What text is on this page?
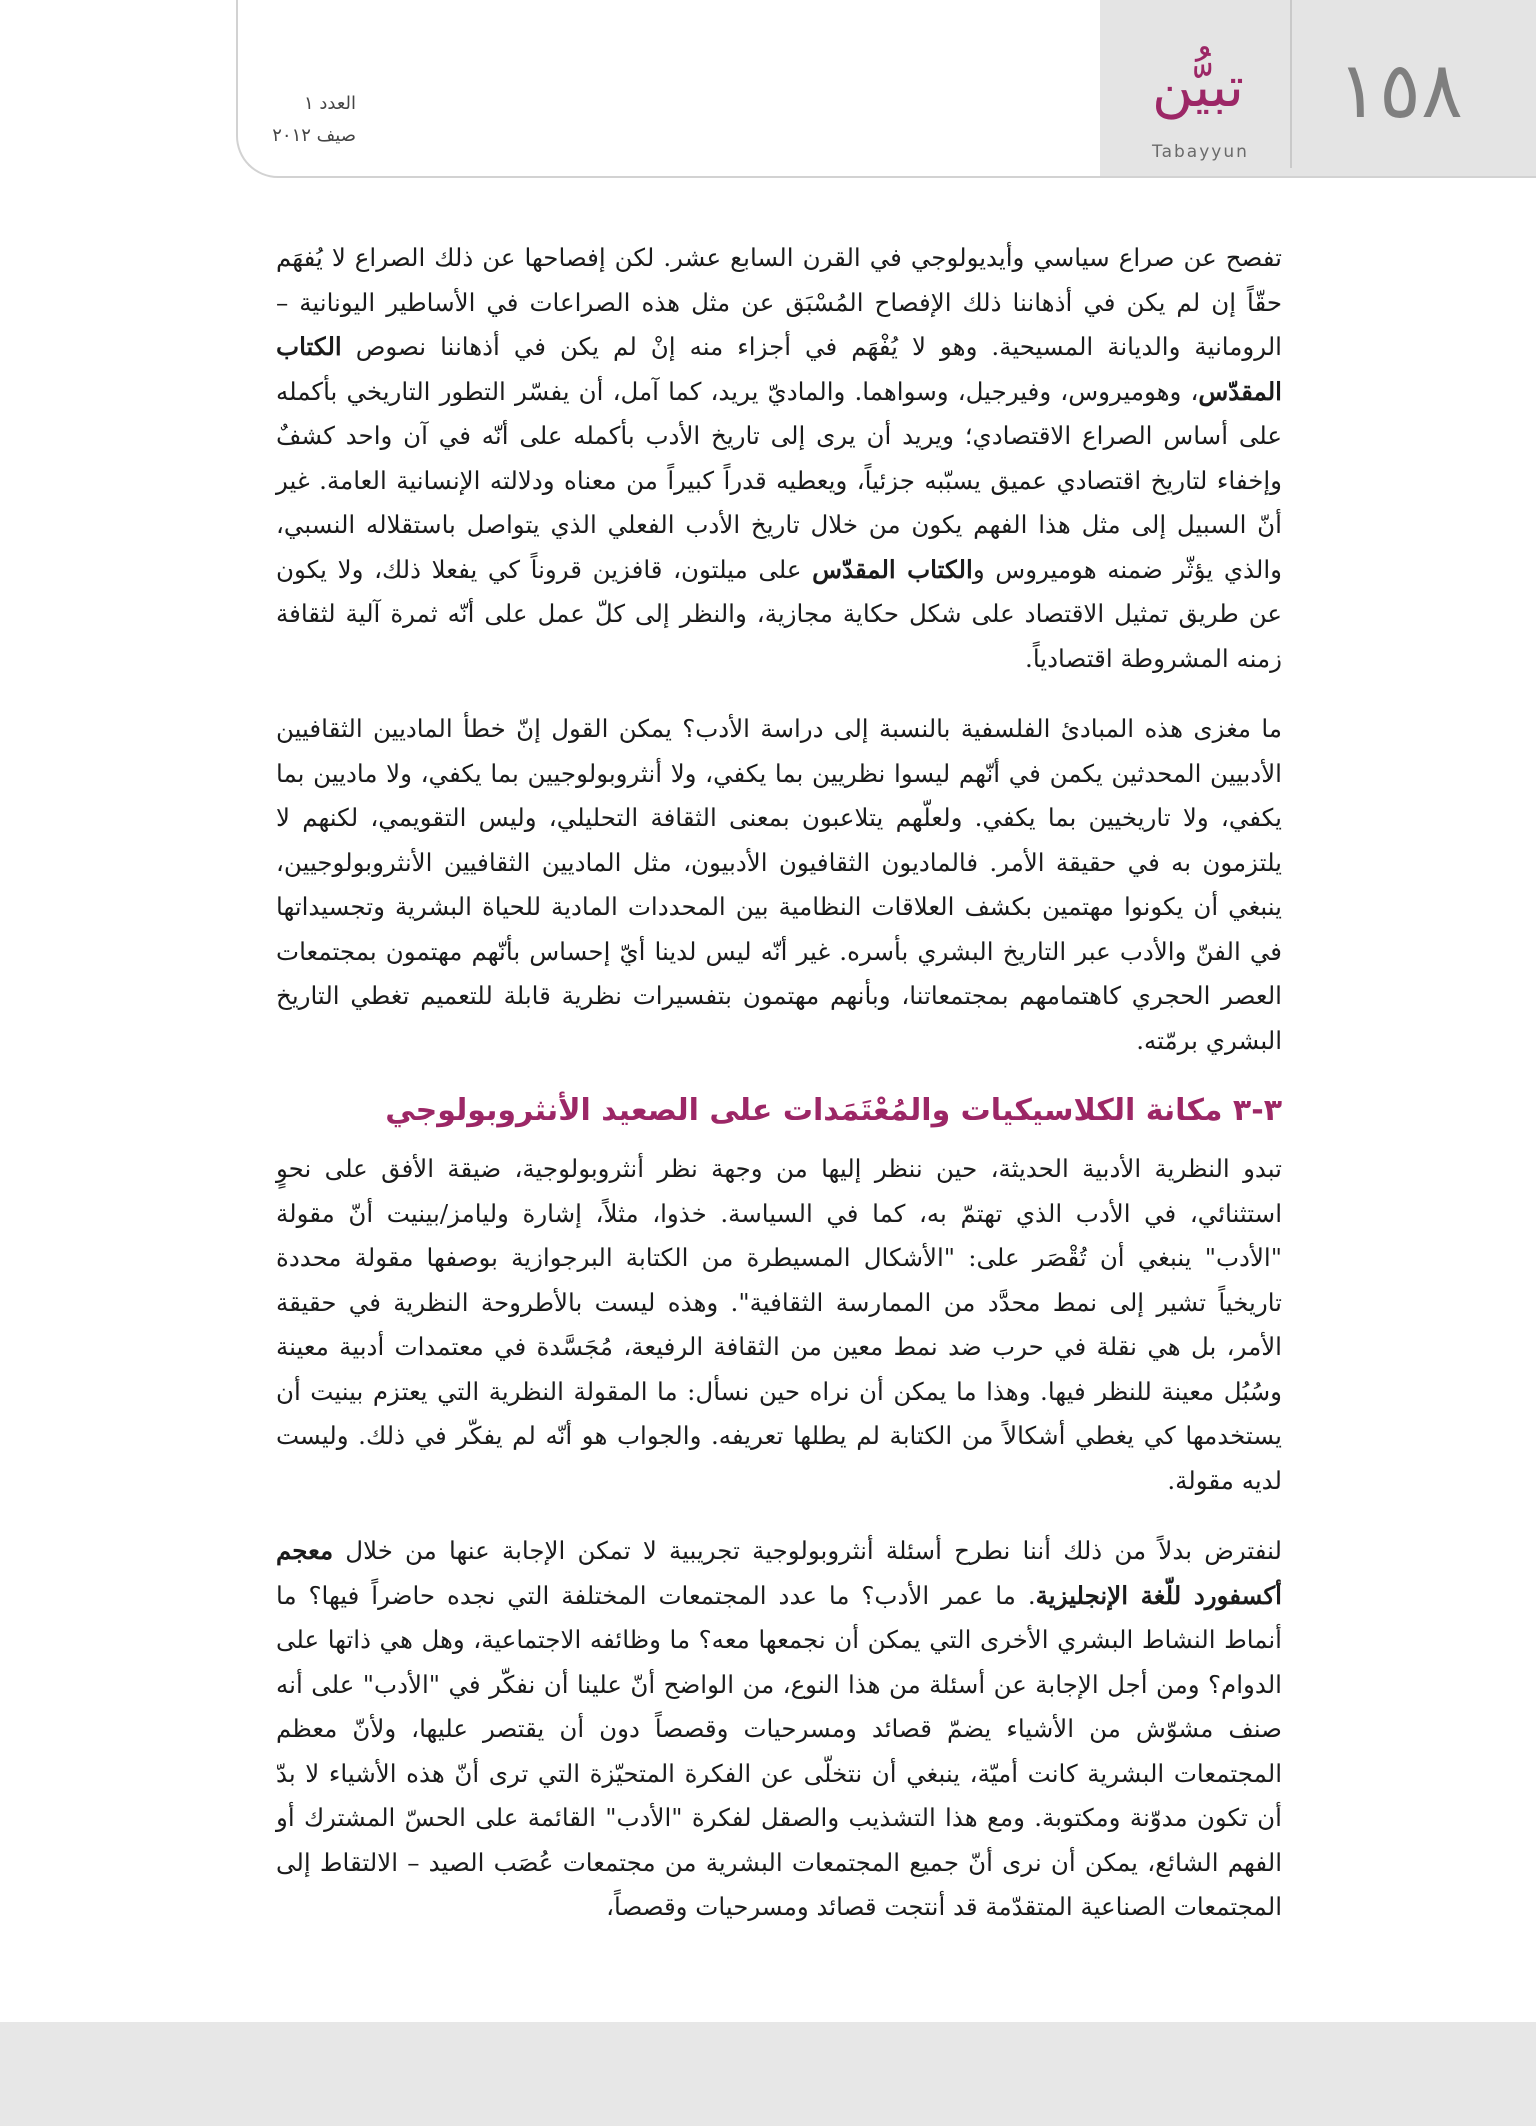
١٥٨
تبيُّن
Tabayyun
العدد ١
صيف ٢٠١٢

تفصح عن صراع سياسي وأيديولوجي في القرن السابع عشر. لكن إفصاحها عن ذلك الصراع لا يُفهَم حقّاً إن لم يكن في أذهاننا ذلك الإفصاح المُسْبَق عن مثل هذه الصراعات في الأساطير اليونانية – الرومانية والديانة المسيحية. وهو لا يُفْهَم في أجزاء منه إنْ لم يكن في أذهاننا نصوص الكتاب المقدّس، وهوميروس، وفيرجيل، وسواهما. والماديّ يريد، كما آمل، أن يفسّر التطور التاريخي بأكمله على أساس الصراع الاقتصادي؛ ويريد أن يرى إلى تاريخ الأدب بأكمله على أنّه في آن واحد كشفٌ وإخفاء لتاريخ اقتصادي عميق يسبّبه جزئياً، ويعطيه قدراً كبيراً من معناه ودلالته الإنسانية العامة. غير أنّ السبيل إلى مثل هذا الفهم يكون من خلال تاريخ الأدب الفعلي الذي يتواصل باستقلاله النسبي، والذي يؤثّر ضمنه هوميروس والكتاب المقدّس على ميلتون، قافزين قروناً كي يفعلا ذلك، ولا يكون عن طريق تمثيل الاقتصاد على شكل حكاية مجازية، والنظر إلى كلّ عمل على أنّه ثمرة آلية لثقافة زمنه المشروطة اقتصادياً.

ما مغزى هذه المبادئ الفلسفية بالنسبة إلى دراسة الأدب؟ يمكن القول إنّ خطأ الماديين الثقافيين الأدبيين المحدثين يكمن في أنّهم ليسوا نظريين بما يكفي، ولا أنثروبولوجيين بما يكفي، ولا ماديين بما يكفي، ولا تاريخيين بما يكفي. ولعلّهم يتلاعبون بمعنى الثقافة التحليلي، وليس التقويمي، لكنهم لا يلتزمون به في حقيقة الأمر. فالماديون الثقافيون الأدبيون، مثل الماديين الثقافيين الأنثروبولوجيين، ينبغي أن يكونوا مهتمين بكشف العلاقات النظامية بين المحددات المادية للحياة البشرية وتجسيداتها في الفنّ والأدب عبر التاريخ البشري بأسره. غير أنّه ليس لدينا أيّ إحساس بأنّهم مهتمون بمجتمعات العصر الحجري كاهتمامهم بمجتمعاتنا، وبأنهم مهتمون بتفسيرات نظرية قابلة للتعميم تغطي التاريخ البشري برمّته.

٣-٣ مكانة الكلاسيكيات والمُعْتَمَدات على الصعيد الأنثروبولوجي

تبدو النظرية الأدبية الحديثة، حين ننظر إليها من وجهة نظر أنثروبولوجية، ضيقة الأفق على نحوٍ استثنائي، في الأدب الذي تهتمّ به، كما في السياسة. خذوا، مثلاً، إشارة وليامز/بينيت أنّ مقولة "الأدب" ينبغي أن تُقْصَر على: "الأشكال المسيطرة من الكتابة البرجوازية بوصفها مقولة محددة تاريخياً تشير إلى نمط محدَّد من الممارسة الثقافية". وهذه ليست بالأطروحة النظرية في حقيقة الأمر، بل هي نقلة في حرب ضد نمط معين من الثقافة الرفيعة، مُجَسَّدة في معتمدات أدبية معينة وسُبُل معينة للنظر فيها. وهذا ما يمكن أن نراه حين نسأل: ما المقولة النظرية التي يعتزم بينيت أن يستخدمها كي يغطي أشكالاً من الكتابة لم يطلها تعريفه. والجواب هو أنّه لم يفكّر في ذلك. وليست لديه مقولة.

لنفترض بدلاً من ذلك أننا نطرح أسئلة أنثروبولوجية تجريبية لا تمكن الإجابة عنها من خلال معجم أكسفورد للّغة الإنجليزية. ما عمر الأدب؟ ما عدد المجتمعات المختلفة التي نجده حاضراً فيها؟ ما أنماط النشاط البشري الأخرى التي يمكن أن نجمعها معه؟ ما وظائفه الاجتماعية، وهل هي ذاتها على الدوام؟ ومن أجل الإجابة عن أسئلة من هذا النوع، من الواضح أنّ علينا أن نفكّر في "الأدب" على أنه صنف مشوّش من الأشياء يضمّ قصائد ومسرحيات وقصصاً دون أن يقتصر عليها، ولأنّ معظم المجتمعات البشرية كانت أميّة، ينبغي أن نتخلّى عن الفكرة المتحيّزة التي ترى أنّ هذه الأشياء لا بدّ أن تكون مدوّنة ومكتوبة. ومع هذا التشذيب والصقل لفكرة "الأدب" القائمة على الحسّ المشترك أو الفهم الشائع، يمكن أن نرى أنّ جميع المجتمعات البشرية من مجتمعات عُصَب الصيد – الالتقاط إلى المجتمعات الصناعية المتقدّمة قد أنتجت قصائد ومسرحيات وقصصاً،
